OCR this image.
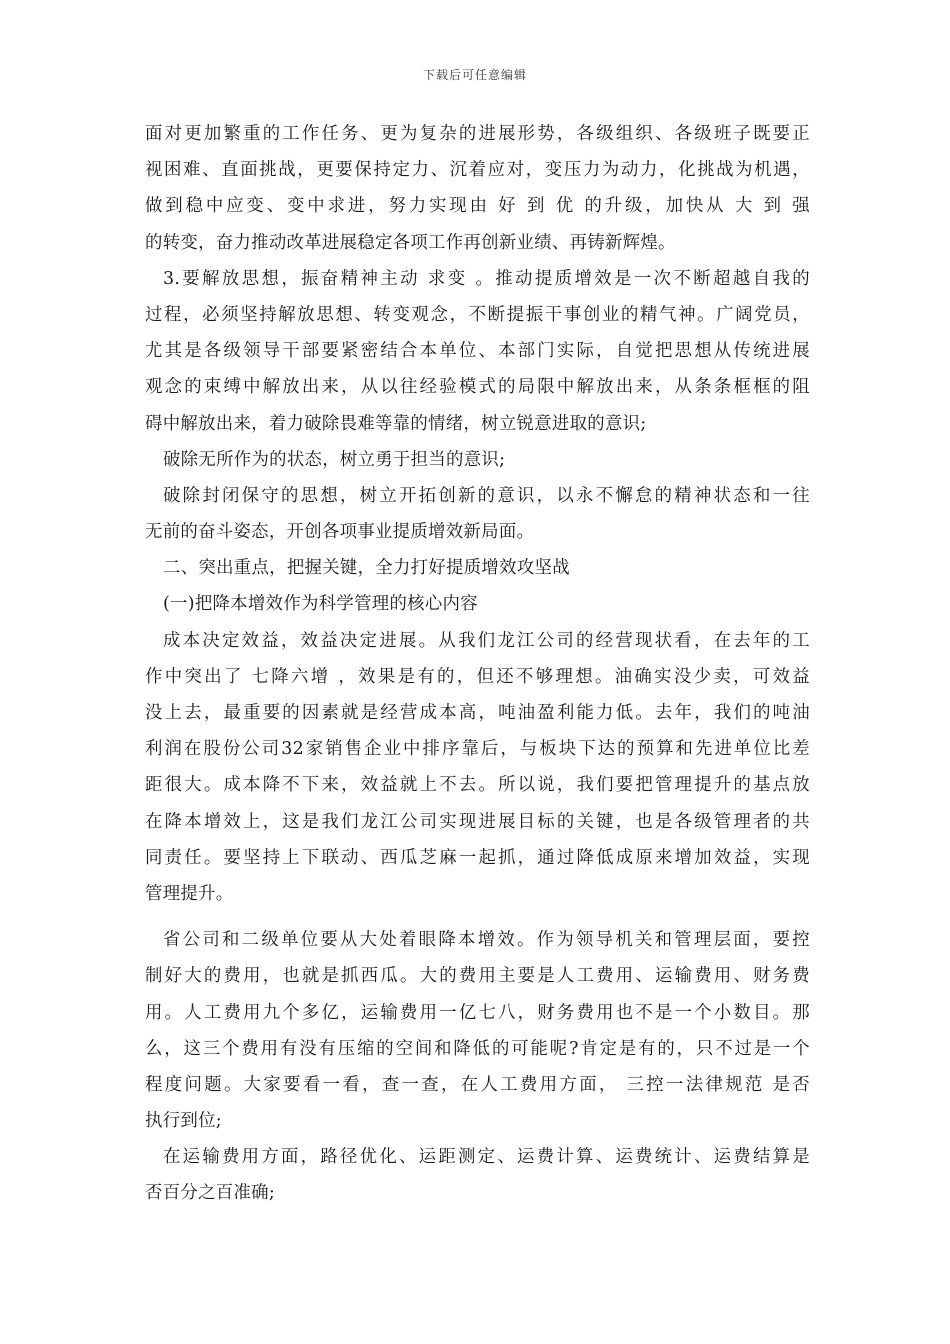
下载后可任意编辑
面对更加繁重的工作任务、更为复杂的进展形势，各级组织、各级班子既要正
视困难、直面挑战，更要保持定力、沉着应对，变压力为动力，化挑战为机遇，
做到稳中应变、变中求进，努力实现由 好 到 优 的升级，加快从 大 到 强
的转变，奋力推动改革进展稳定各项工作再创新业绩、再铸新辉煌。
3.要解放思想，振奋精神主动 求变 。推动提质增效是一次不断超越自我的
过程，必须坚持解放思想、转变观念，不断提振干事创业的精气神。广阔党员，
尤其是各级领导干部要紧密结合本单位、本部门实际，自觉把思想从传统进展
观念的束缚中解放出来，从以往经验模式的局限中解放出来，从条条框框的阻
碍中解放出来，着力破除畏难等靠的情绪，树立锐意进取的意识;
破除无所作为的状态，树立勇于担当的意识;
破除封闭保守的思想，树立开拓创新的意识，以永不懈怠的精神状态和一往
无前的奋斗姿态，开创各项事业提质增效新局面。
二、突出重点，把握关键，全力打好提质增效攻坚战
(一)把降本增效作为科学管理的核心内容
成本决定效益，效益决定进展。从我们龙江公司的经营现状看，在去年的工
作中突出了 七降六增 ，效果是有的，但还不够理想。油确实没少卖，可效益
没上去，最重要的因素就是经营成本高，吨油盈利能力低。去年，我们的吨油
利润在股份公司32家销售企业中排序靠后，与板块下达的预算和先进单位比差
距很大。成本降不下来，效益就上不去。所以说，我们要把管理提升的基点放
在降本增效上，这是我们龙江公司实现进展目标的关键，也是各级管理者的共
同责任。要坚持上下联动、西瓜芝麻一起抓，通过降低成原来增加效益，实现
管理提升。
省公司和二级单位要从大处着眼降本增效。作为领导机关和管理层面，要控
制好大的费用，也就是抓西瓜。大的费用主要是人工费用、运输费用、财务费
用。人工费用九个多亿，运输费用一亿七八，财务费用也不是一个小数目。那
么，这三个费用有没有压缩的空间和降低的可能呢?肯定是有的，只不过是一个
程度问题。大家要看一看，查一查，在人工费用方面， 三控一法律规范 是否
执行到位;
在运输费用方面，路径优化、运距测定、运费计算、运费统计、运费结算是
否百分之百准确;
